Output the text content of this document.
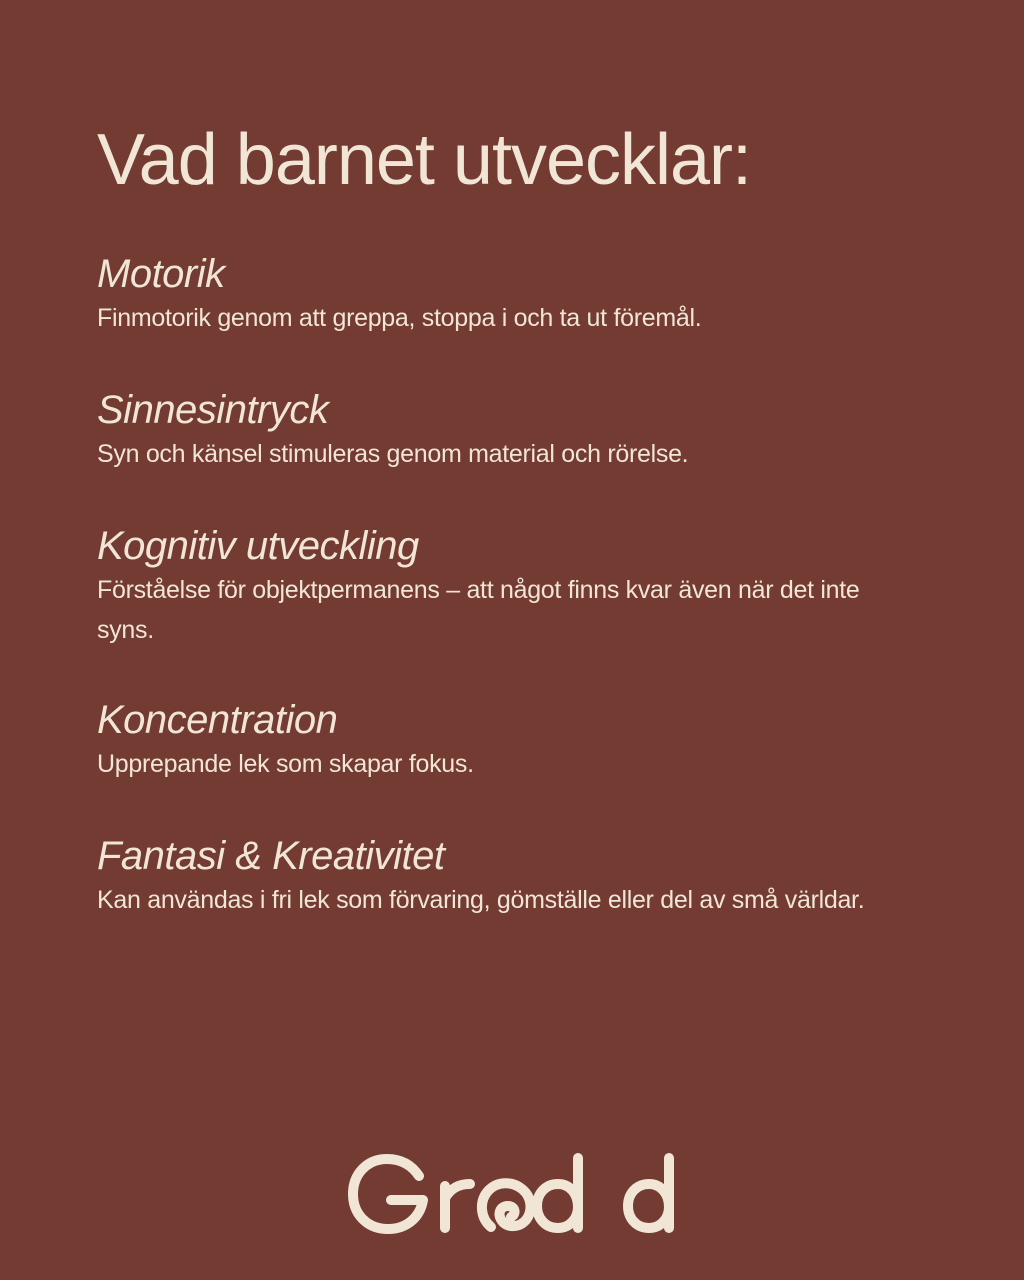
Vad barnet utvecklar:
Motorik

Finmotorik genom att greppa, stoppa i och ta ut föremål.

Sinnesintryck

Syn och känsel stimuleras genom material och rörelse.

Kognitiv utveckling

Förståelse för objektpermanens – att något finns kvar även när det inte syns.

Koncentration

Upprepande lek som skapar fokus.

Fantasi & Kreativitet

Kan användas i fri lek som förvaring, gömställe eller del av små världar.
